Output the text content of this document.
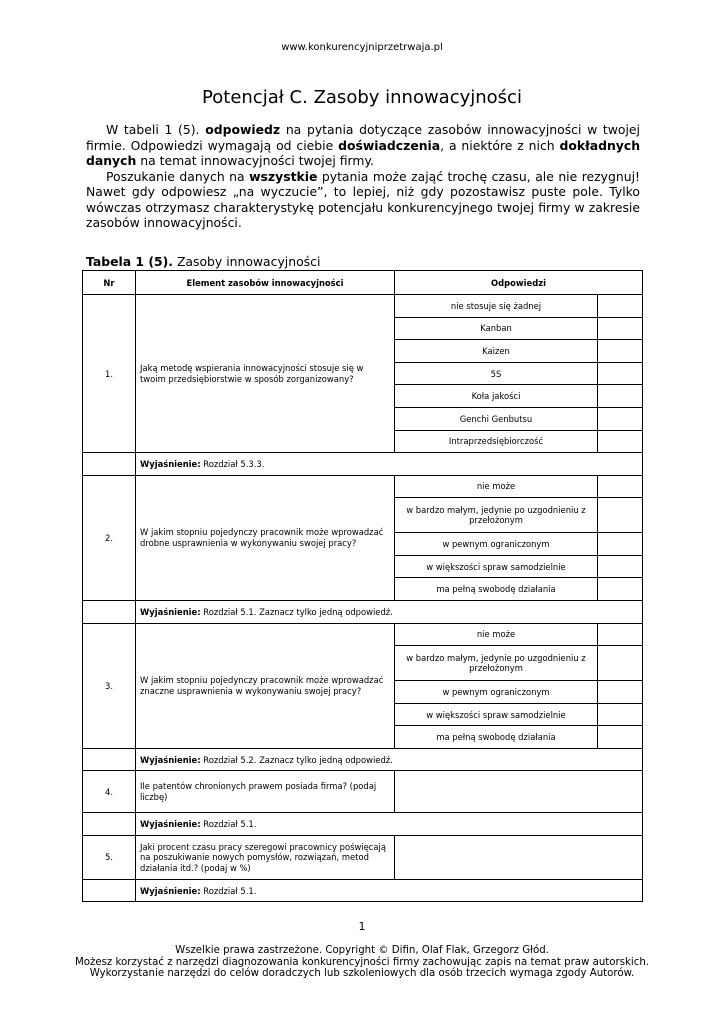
www.konkurencyjniprzetrwaja.pl
Potencjał C. Zasoby innowacyjności

W tabeli 1 (5). odpowiedz na pytania dotyczące zasobów innowacyjności w twojej firmie. Odpowiedzi wymagają od ciebie doświadczenia, a niektóre z nich dokładnych danych na temat innowacyjności twojej firmy.

Poszukanie danych na wszystkie pytania może zająć trochę czasu, ale nie rezygnuj! Nawet gdy odpowiesz „na wyczucie”, to lepiej, niż gdy pozostawisz puste pole. Tylko wówczas otrzymasz charakterystykę potencjału konkurencyjnego twojej firmy w zakresie zasobów innowacyjności.

Tabela 1 (5). Zasoby innowacyjności
Nr	Element zasobów innowacyjności	Odpowiedzi	
1.	Jaką metodę wspierania innowacyjności stosuje się w twoim przedsiębiorstwie w sposób zorganizowany?	nie stosuje się żadnej	
		Kanban	
		Kaizen	
		5S	
		Koła jakości	
		Genchi Genbutsu	
		Intraprzedsiębiorczość	
	Wyjaśnienie: Rozdział 5.3.3.		
2.	W jakim stopniu pojedynczy pracownik może wprowadzać drobne usprawnienia w wykonywaniu swojej pracy?	nie może	
		w bardzo małym, jedynie po uzgodnieniu z przełożonym	
		w pewnym ograniczonym	
		w większości spraw samodzielnie	
		ma pełną swobodę działania	
	Wyjaśnienie: Rozdział 5.1. Zaznacz tylko jedną odpowiedź.		
3.	W jakim stopniu pojedynczy pracownik może wprowadzać znaczne usprawnienia w wykonywaniu swojej pracy?	nie może	
		w bardzo małym, jedynie po uzgodnieniu z przełożonym	
		w pewnym ograniczonym	
		w większości spraw samodzielnie	
		ma pełną swobodę działania	
	Wyjaśnienie: Rozdział 5.2. Zaznacz tylko jedną odpowiedź.		
4.	Ile patentów chronionych prawem posiada firma? (podaj liczbę)		
	Wyjaśnienie: Rozdział 5.1.		
5.	Jaki procent czasu pracy szeregowi pracownicy poświęcają na poszukiwanie nowych pomysłów, rozwiązań, metod działania itd.? (podaj w %)		
	Wyjaśnienie: Rozdział 5.1.		
1
Wszelkie prawa zastrzeżone. Copyright © Difin, Olaf Flak, Grzegorz Głód.
Możesz korzystać z narzędzi diagnozowania konkurencyjności firmy zachowując zapis na temat praw autorskich.
Wykorzystanie narzędzi do celów doradczych lub szkoleniowych dla osób trzecich wymaga zgody Autorów.
